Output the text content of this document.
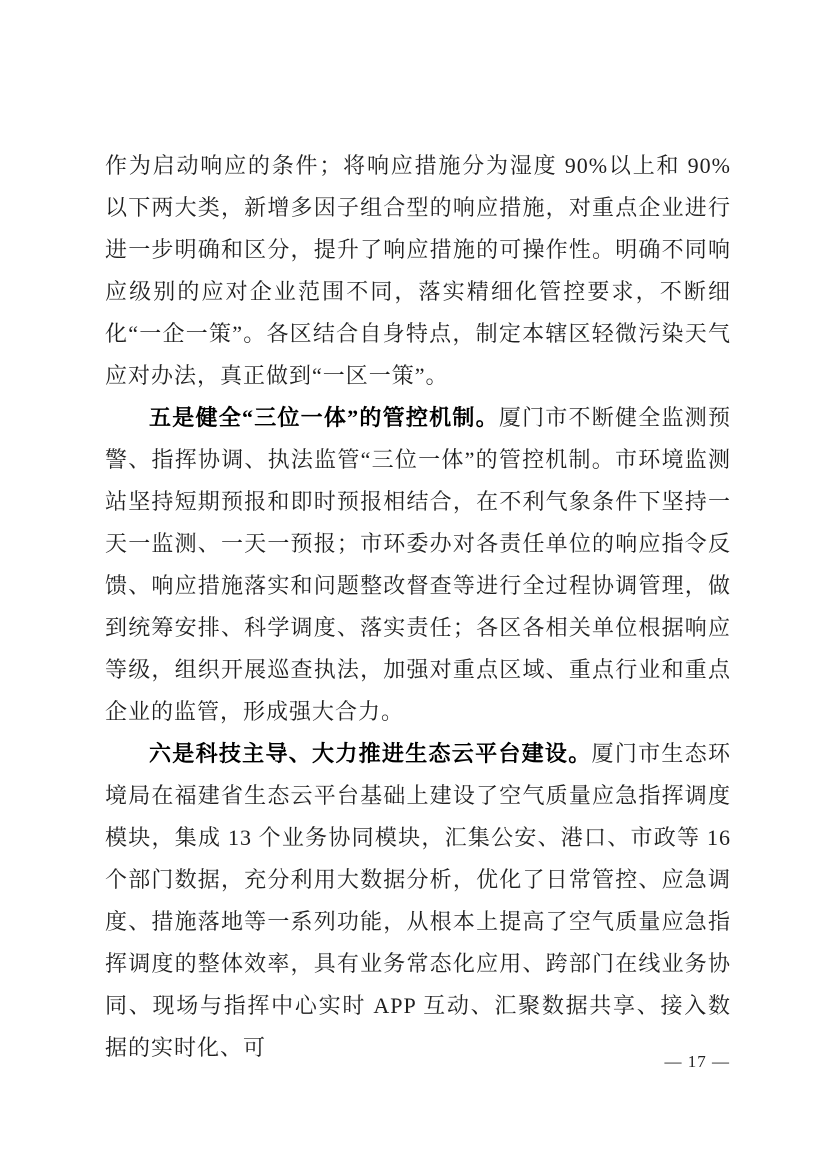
作为启动响应的条件；将响应措施分为湿度 90%以上和 90%以下两大类，新增多因子组合型的响应措施，对重点企业进行进一步明确和区分，提升了响应措施的可操作性。明确不同响应级别的应对企业范围不同，落实精细化管控要求，不断细化“一企一策”。各区结合自身特点，制定本辖区轻微污染天气应对办法，真正做到“一区一策”。

五是健全“三位一体”的管控机制。厦门市不断健全监测预警、指挥协调、执法监管“三位一体”的管控机制。市环境监测站坚持短期预报和即时预报相结合，在不利气象条件下坚持一天一监测、一天一预报；市环委办对各责任单位的响应指令反馈、响应措施落实和问题整改督查等进行全过程协调管理，做到统筹安排、科学调度、落实责任；各区各相关单位根据响应等级，组织开展巡查执法，加强对重点区域、重点行业和重点企业的监管，形成强大合力。

六是科技主导、大力推进生态云平台建设。厦门市生态环境局在福建省生态云平台基础上建设了空气质量应急指挥调度模块，集成 13 个业务协同模块，汇集公安、港口、市政等 16 个部门数据，充分利用大数据分析，优化了日常管控、应急调度、措施落地等一系列功能，从根本上提高了空气质量应急指挥调度的整体效率，具有业务常态化应用、跨部门在线业务协同、现场与指挥中心实时 APP 互动、汇聚数据共享、接入数据的实时化、可

— 17 —
